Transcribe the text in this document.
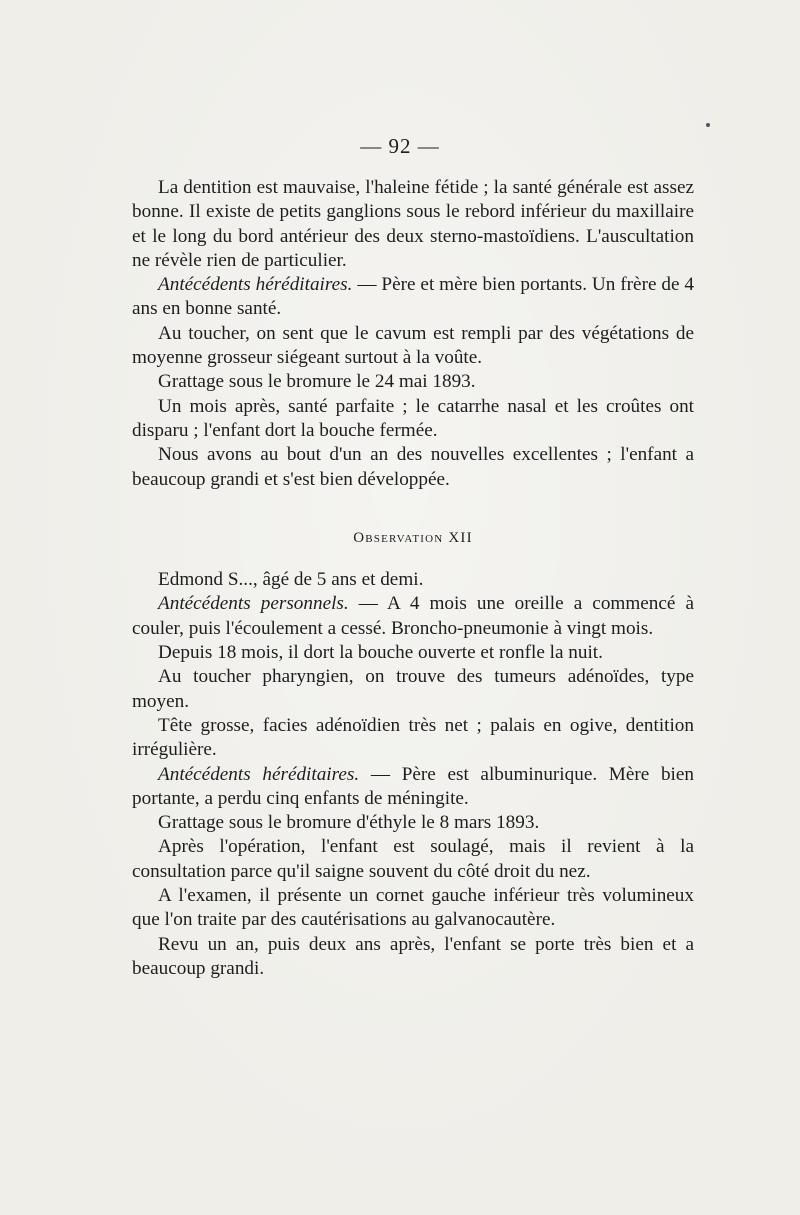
— 92 —

La dentition est mauvaise, l'haleine fétide ; la santé générale est assez bonne. Il existe de petits ganglions sous le rebord inférieur du maxillaire et le long du bord antérieur des deux sterno-mastoïdiens. L'auscultation ne révèle rien de particulier.

Antécédents héréditaires. — Père et mère bien portants. Un frère de 4 ans en bonne santé.

Au toucher, on sent que le cavum est rempli par des végétations de moyenne grosseur siégeant surtout à la voûte.

Grattage sous le bromure le 24 mai 1893.

Un mois après, santé parfaite ; le catarrhe nasal et les croûtes ont disparu ; l'enfant dort la bouche fermée.

Nous avons au bout d'un an des nouvelles excellentes ; l'enfant a beaucoup grandi et s'est bien développée.

Observation XII

Edmond S..., âgé de 5 ans et demi.

Antécédents personnels. — A 4 mois une oreille a commencé à couler, puis l'écoulement a cessé. Broncho-pneumonie à vingt mois.

Depuis 18 mois, il dort la bouche ouverte et ronfle la nuit.

Au toucher pharyngien, on trouve des tumeurs adénoïdes, type moyen.

Tête grosse, facies adénoïdien très net ; palais en ogive, dentition irrégulière.

Antécédents héréditaires. — Père est albuminurique. Mère bien portante, a perdu cinq enfants de méningite.

Grattage sous le bromure d'éthyle le 8 mars 1893.

Après l'opération, l'enfant est soulagé, mais il revient à la consultation parce qu'il saigne souvent du côté droit du nez.

A l'examen, il présente un cornet gauche inférieur très volumineux que l'on traite par des cautérisations au galvanocautère.

Revu un an, puis deux ans après, l'enfant se porte très bien et a beaucoup grandi.
